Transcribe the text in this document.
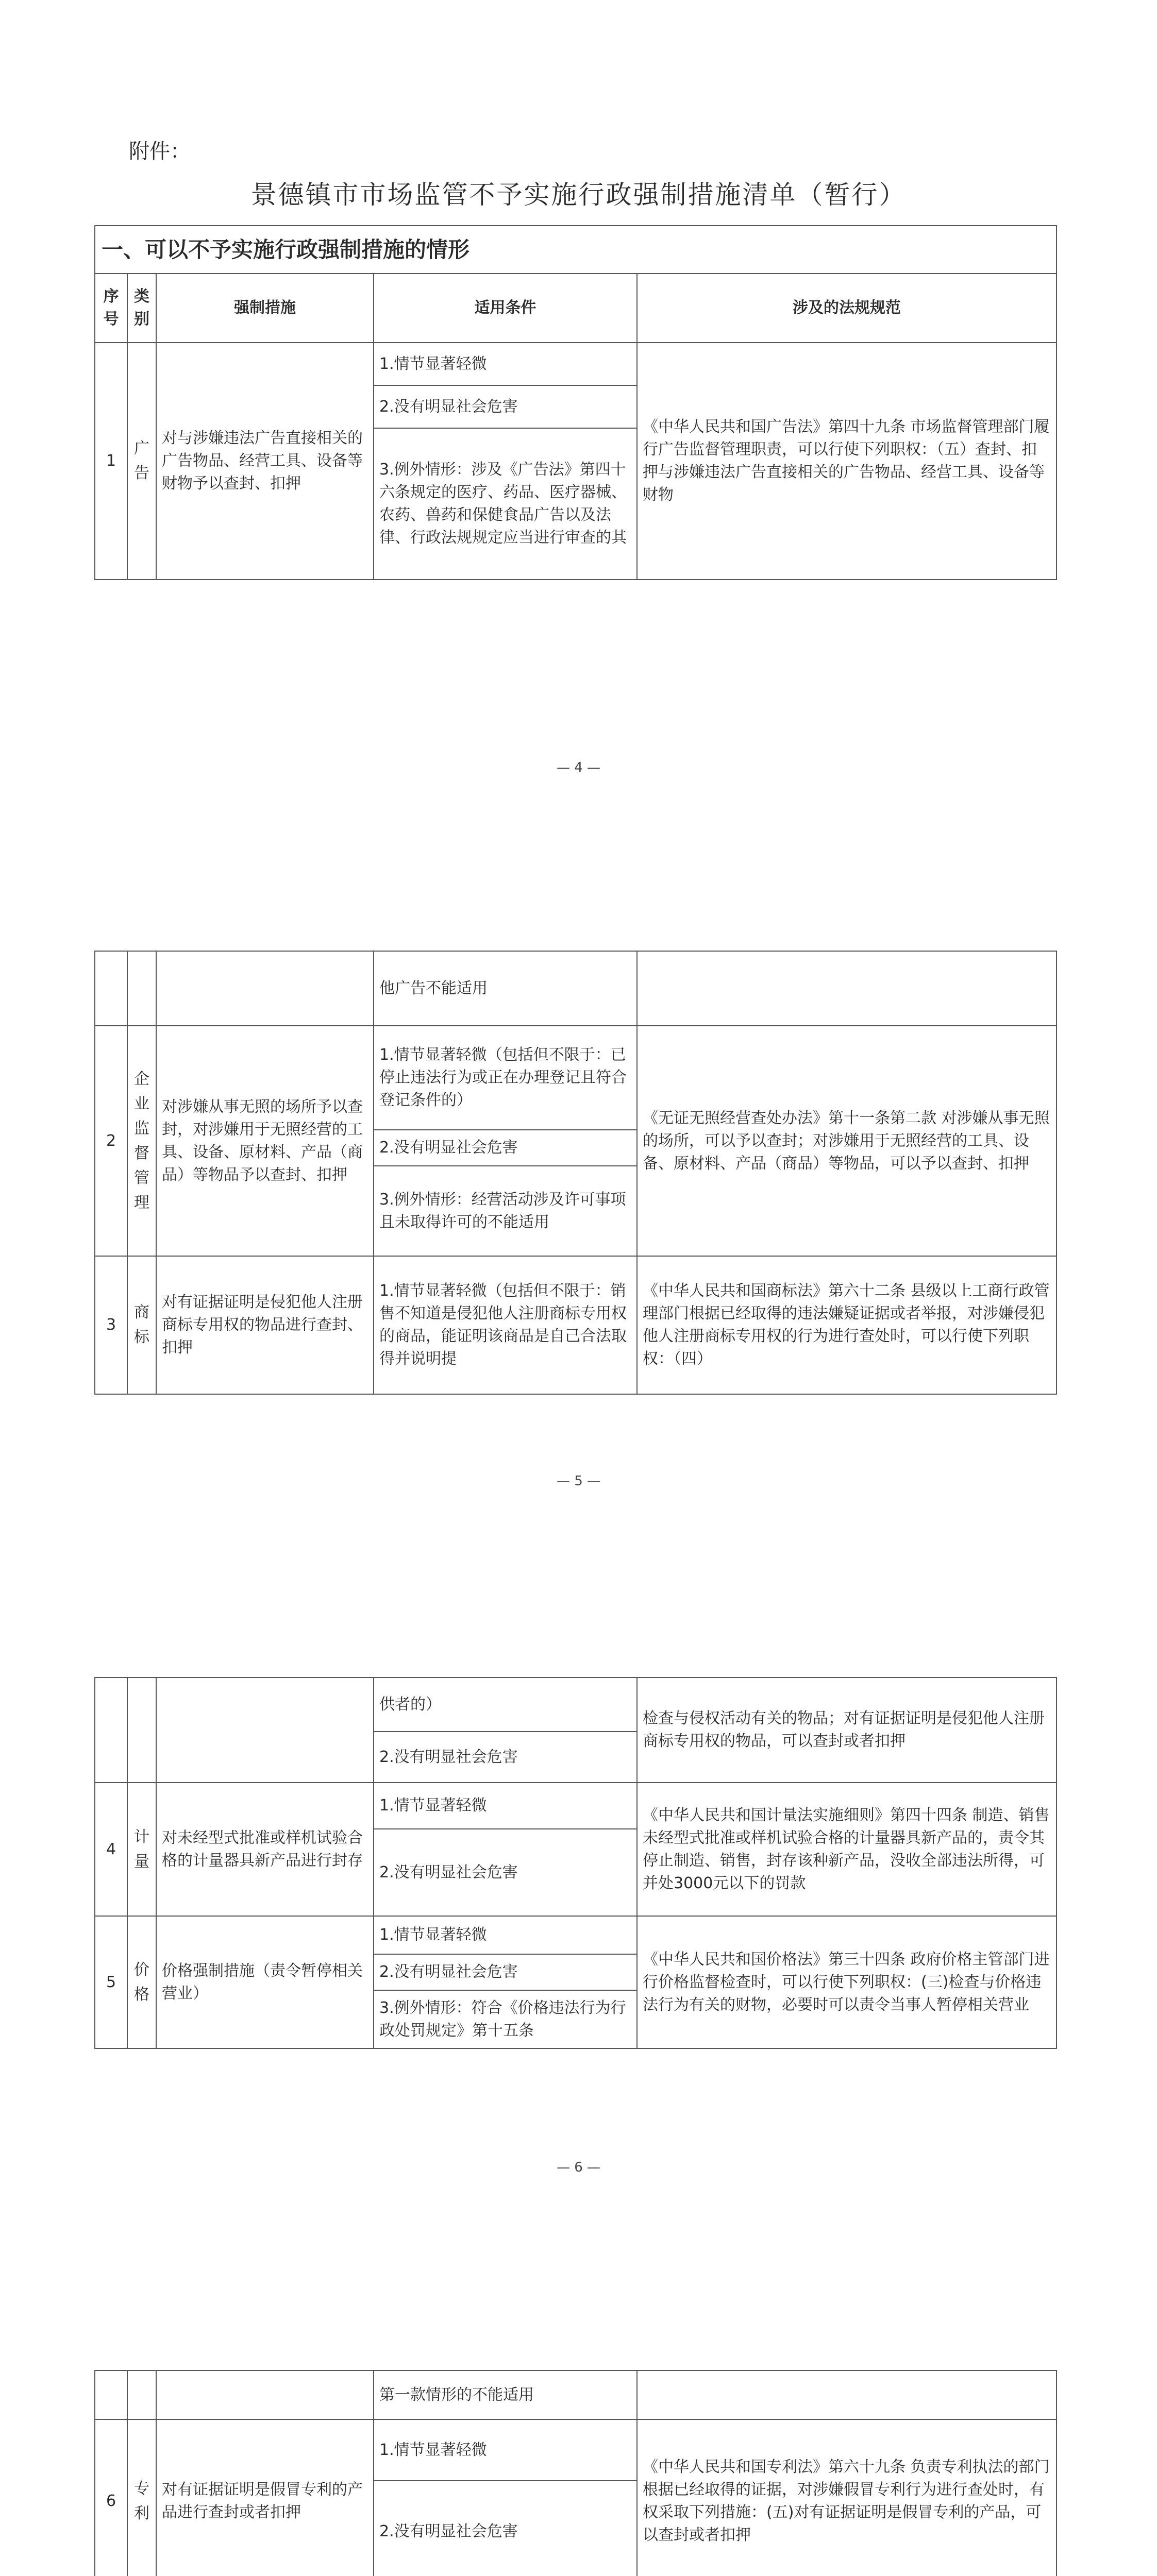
附件：
景德镇市市场监管不予实施行政强制措施清单（暂行）
一、可以不予实施行政强制措施的情形				
序号	类别	强制措施	适用条件	涉及的法规规范
1	广告	对与涉嫌违法广告直接相关的广告物品、经营工具、设备等财物予以查封、扣押	1.情节显著轻微	《中华人民共和国广告法》第四十九条 市场监督管理部门履行广告监督管理职责，可以行使下列职权：（五）查封、扣押与涉嫌违法广告直接相关的广告物品、经营工具、设备等财物
			2.没有明显社会危害	
			3.例外情形：涉及《广告法》第四十六条规定的医疗、药品、医疗器械、农药、兽药和保健食品广告以及法律、行政法规规定应当进行审查的其	
— 4 —
			他广告不能适用	
2	企业监督管理	对涉嫌从事无照的场所予以查封，对涉嫌用于无照经营的工具、设备、原材料、产品（商品）等物品予以查封、扣押	1.情节显著轻微（包括但不限于：已停止违法行为或正在办理登记且符合登记条件的）	《无证无照经营查处办法》第十一条第二款 对涉嫌从事无照的场所，可以予以查封；对涉嫌用于无照经营的工具、设备、原材料、产品（商品）等物品，可以予以查封、扣押
			2.没有明显社会危害	
			3.例外情形：经营活动涉及许可事项且未取得许可的不能适用	
3	商标	对有证据证明是侵犯他人注册商标专用权的物品进行查封、扣押	1.情节显著轻微（包括但不限于：销售不知道是侵犯他人注册商标专用权的商品，能证明该商品是自己合法取得并说明提	《中华人民共和国商标法》第六十二条 县级以上工商行政管理部门根据已经取得的违法嫌疑证据或者举报，对涉嫌侵犯他人注册商标专用权的行为进行查处时，可以行使下列职权：（四）
— 5 —
			供者的）	检查与侵权活动有关的物品；对有证据证明是侵犯他人注册商标专用权的物品，可以查封或者扣押
			2.没有明显社会危害	
4	计量	对未经型式批准或样机试验合格的计量器具新产品进行封存	1.情节显著轻微	《中华人民共和国计量法实施细则》第四十四条 制造、销售未经型式批准或样机试验合格的计量器具新产品的，责令其停止制造、销售，封存该种新产品，没收全部违法所得，可并处3000元以下的罚款
			2.没有明显社会危害	
5	价格	价格强制措施（责令暂停相关营业）	1.情节显著轻微	《中华人民共和国价格法》第三十四条 政府价格主管部门进行价格监督检查时，可以行使下列职权：(三)检查与价格违法行为有关的财物，必要时可以责令当事人暂停相关营业
			2.没有明显社会危害	
			3.例外情形：符合《价格违法行为行政处罚规定》第十五条	
— 6 —
			第一款情形的不能适用	
6	专利	对有证据证明是假冒专利的产品进行查封或者扣押	1.情节显著轻微	《中华人民共和国专利法》第六十九条 负责专利执法的部门根据已经取得的证据，对涉嫌假冒专利行为进行查处时，有权采取下列措施：(五)对有证据证明是假冒专利的产品，可以查封或者扣押
			2.没有明显社会危害	
